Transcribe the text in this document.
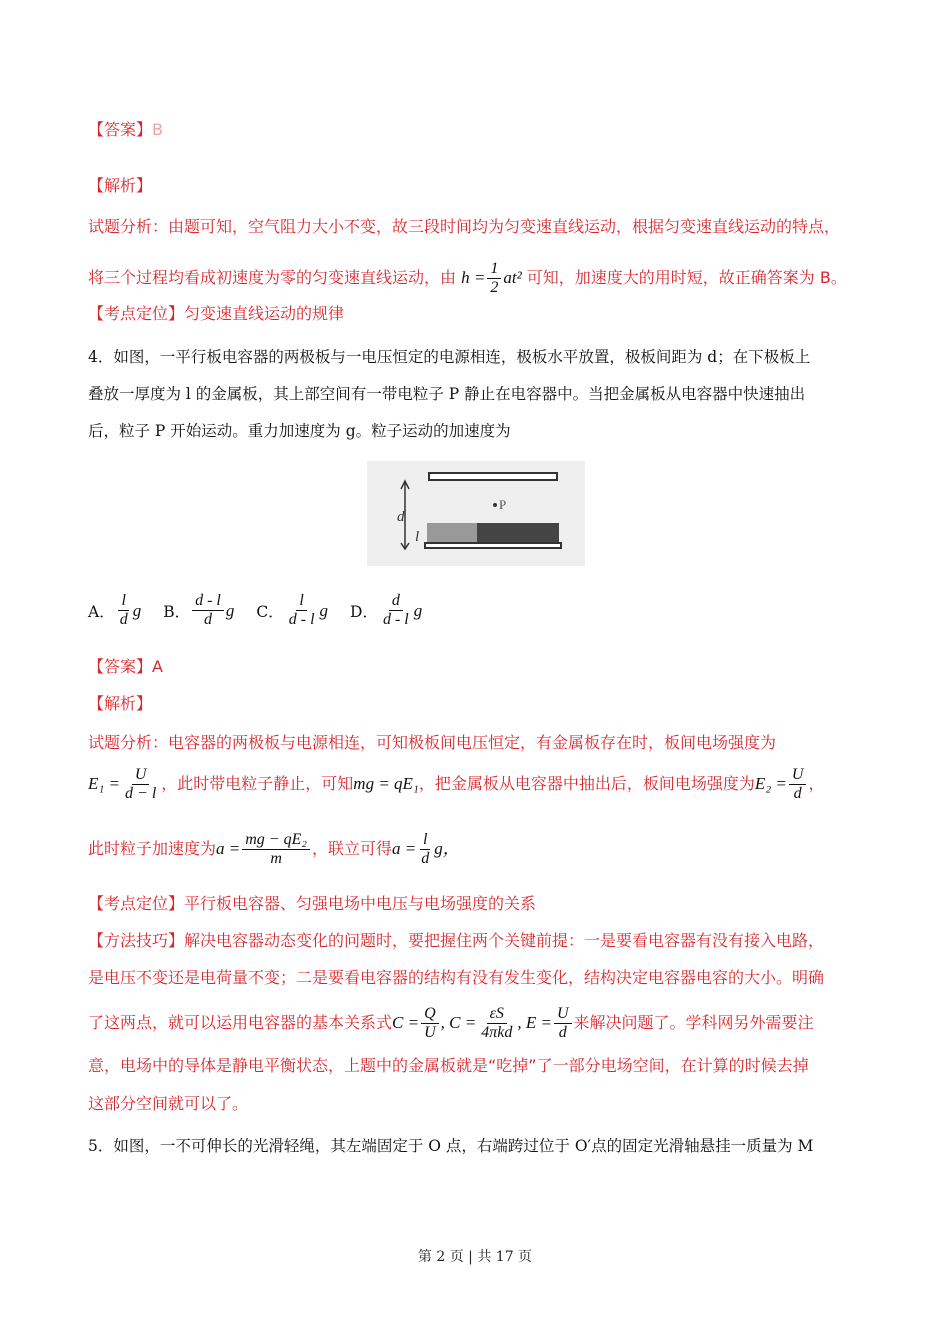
【答案】B
【解析】
试题分析：由题可知，空气阻力大小不变，故三段时间均为匀变速直线运动，根据匀变速直线运动的特点，
将三个过程均看成初速度为零的匀变速直线运动，由 $h = \frac{1}{2} at^2$ 可知，加速度大的用时短，故正确答案为 B。
【考点定位】匀变速直线运动的规律
4．如图，一平行板电容器的两极板与一电压恒定的电源相连，极板水平放置，极板间距为 d；在下极板上
叠放一厚度为 l 的金属板，其上部空间有一带电粒子 P 静止在电容器中。当把金属板从电容器中快速抽出
后，粒子 P 开始运动。重力加速度为 g。粒子运动的加速度为
P
d
l
A． $\frac{l}{d}$ g B． $\frac{d - l}{d}$ g C． $\frac{l}{d - l}$ g D． $\frac{d}{d - l}$ g
【答案】A
【解析】
试题分析：电容器的两极板与电源相连，可知极板间电压恒定，有金属板存在时，板间电场强度为
$E_1 = \frac{U}{d - l}$ ，此时带电粒子静止，可知mg = qE₁，把金属板从电容器中抽出后，板间电场强度为$E_2 = \frac{U}{d}$ ，
此时粒子加速度为$a = \frac{\text{mg − qE₂}}{m}$ ，联立可得$a = \frac{l}{d}$ g，
【考点定位】平行板电容器、匀强电场中电压与电场强度的关系
【方法技巧】解决电容器动态变化的问题时，要把握住两个关键前提：一是要看电容器有没有接入电路，
是电压不变还是电荷量不变；二是要看电容器的结构有没有发生变化，结构决定电容器电容的大小。明确
了这两点，就可以运用电容器的基本关系式$C = \frac{Q}{U}$ , C = εS
4πkd
, $E = \frac{U}{d}$ 来解决问题了。学科网另外需要注
意，电场中的导体是静电平衡状态，上题中的金属板就是“吃掉”了一部分电场空间，在计算的时候去掉
这部分空间就可以了。
5．如图，一不可伸长的光滑轻绳，其左端固定于 O 点，右端跨过位于 O′点的固定光滑轴悬挂一质量为 M
第 2 页 | 共 17 页
